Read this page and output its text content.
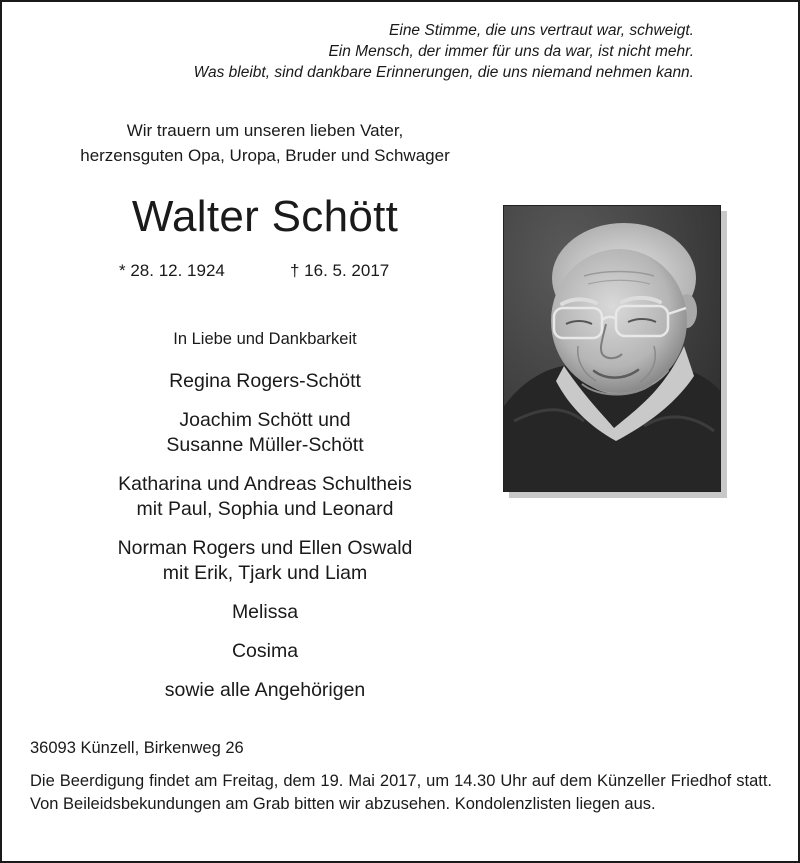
Eine Stimme, die uns vertraut war, schweigt.
Ein Mensch, der immer für uns da war, ist nicht mehr.
Was bleibt, sind dankbare Erinnerungen, die uns niemand nehmen kann.
Wir trauern um unseren lieben Vater,
herzensguten Opa, Uropa, Bruder und Schwager
Walter Schött
* 28. 12. 1924	† 16. 5. 2017
In Liebe und Dankbarkeit
Regina Rogers-Schött
Joachim Schött und
Susanne Müller-Schött
Katharina und Andreas Schultheis
mit Paul, Sophia und Leonard
Norman Rogers und Ellen Oswald
mit Erik, Tjark und Liam
Melissa
Cosima
sowie alle Angehörigen
36093 Künzell, Birkenweg 26
Die Beerdigung findet am Freitag, dem 19. Mai 2017, um 14.30 Uhr auf dem Künzeller Friedhof statt. Von Beileidsbekundungen am Grab bitten wir abzusehen. Kondolenzlisten liegen aus.
